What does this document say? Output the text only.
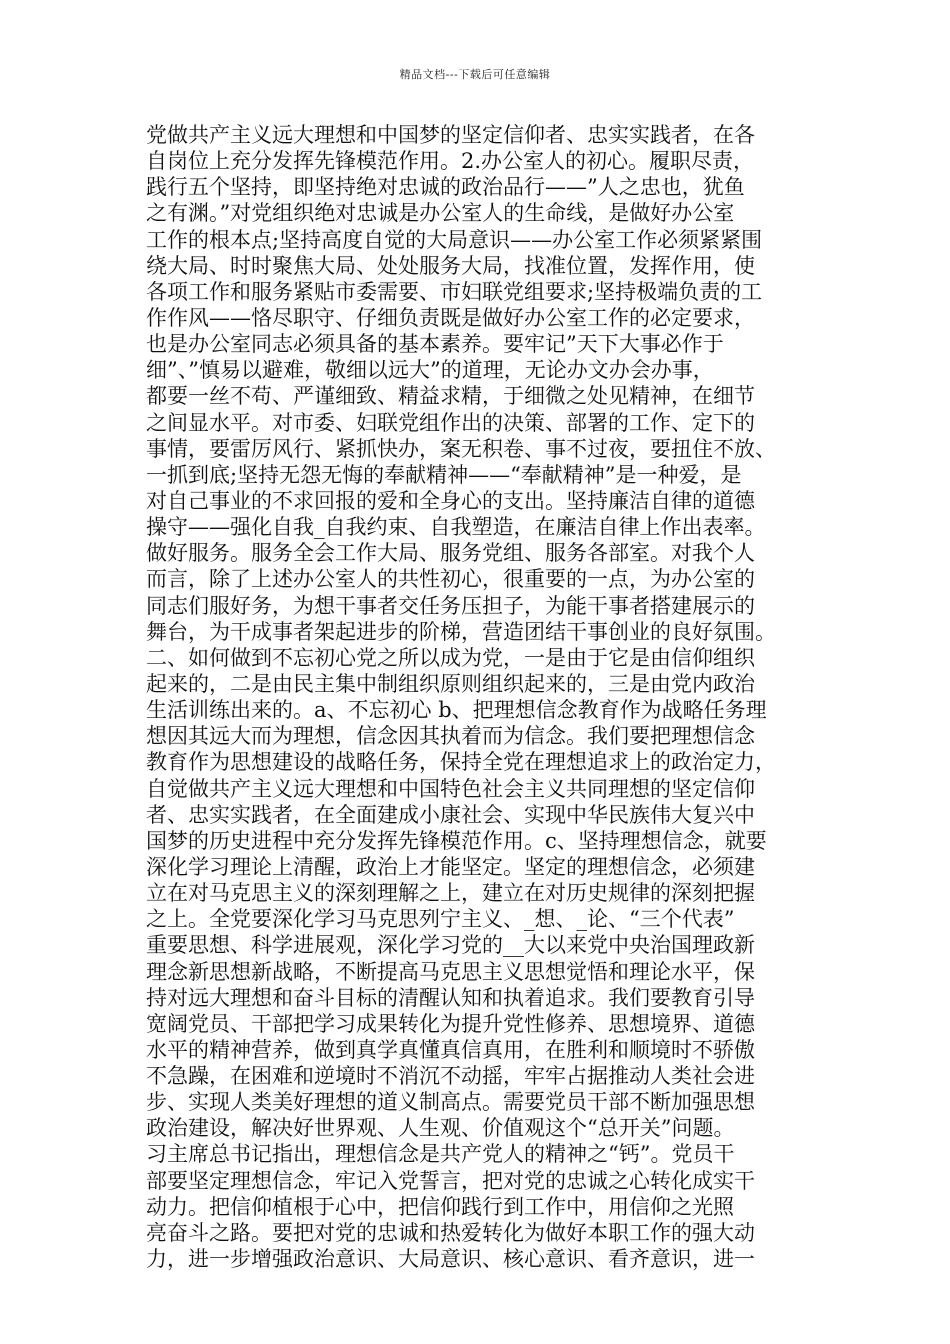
精品文档---下载后可任意编辑
党做共产主义远大理想和中国梦的坚定信仰者、忠实实践者，在各
自岗位上充分发挥先锋模范作用。2.办公室人的初心。履职尽责，
践行五个坚持，即坚持绝对忠诚的政治品行——”人之忠也，犹鱼
之有渊。”对党组织绝对忠诚是办公室人的生命线，是做好办公室
工作的根本点;坚持高度自觉的大局意识——办公室工作必须紧紧围
绕大局、时时聚焦大局、处处服务大局，找准位置，发挥作用，使
各项工作和服务紧贴市委需要、市妇联党组要求;坚持极端负责的工
作作风——恪尽职守、仔细负责既是做好办公室工作的必定要求，
也是办公室同志必须具备的基本素养。要牢记”天下大事必作于
细”、”慎易以避难，敬细以远大”的道理，无论办文办会办事，
都要一丝不苟、严谨细致、精益求精，于细微之处见精神，在细节
之间显水平。对市委、妇联党组作出的决策、部署的工作、定下的
事情，要雷厉风行、紧抓快办，案无积卷、事不过夜，要扭住不放、
一抓到底;坚持无怨无悔的奉献精神——“奉献精神”是一种爱，是
对自己事业的不求回报的爱和全身心的支出。坚持廉洁自律的道德
操守——强化自我_自我约束、自我塑造，在廉洁自律上作出表率。
做好服务。服务全会工作大局、服务党组、服务各部室。对我个人
而言，除了上述办公室人的共性初心，很重要的一点，为办公室的
同志们服好务，为想干事者交任务压担子，为能干事者搭建展示的
舞台，为干成事者架起进步的阶梯，营造团结干事创业的良好氛围。
二、如何做到不忘初心党之所以成为党，一是由于它是由信仰组织
起来的，二是由民主集中制组织原则组织起来的，三是由党内政治
生活训练出来的。a、不忘初心 b、把理想信念教育作为战略任务理
想因其远大而为理想，信念因其执着而为信念。我们要把理想信念
教育作为思想建设的战略任务，保持全党在理想追求上的政治定力，
自觉做共产主义远大理想和中国特色社会主义共同理想的坚定信仰
者、忠实实践者，在全面建成小康社会、实现中华民族伟大复兴中
国梦的历史进程中充分发挥先锋模范作用。c、坚持理想信念，就要
深化学习理论上清醒，政治上才能坚定。坚定的理想信念，必须建
立在对马克思主义的深刻理解之上，建立在对历史规律的深刻把握
之上。全党要深化学习马克思列宁主义、_想、_论、“三个代表”
重要思想、科学进展观，深化学习党的__大以来党中央治国理政新
理念新思想新战略，不断提高马克思主义思想觉悟和理论水平，保
持对远大理想和奋斗目标的清醒认知和执着追求。我们要教育引导
宽阔党员、干部把学习成果转化为提升党性修养、思想境界、道德
水平的精神营养，做到真学真懂真信真用，在胜利和顺境时不骄傲
不急躁，在困难和逆境时不消沉不动摇，牢牢占据推动人类社会进
步、实现人类美好理想的道义制高点。需要党员干部不断加强思想
政治建设，解决好世界观、人生观、价值观这个“总开关”问题。
习主席总书记指出，理想信念是共产党人的精神之“钙”。党员干
部要坚定理想信念，牢记入党誓言，把对党的忠诚之心转化成实干
动力。把信仰植根于心中，把信仰践行到工作中，用信仰之光照
亮奋斗之路。要把对党的忠诚和热爱转化为做好本职工作的强大动
力，进一步增强政治意识、大局意识、核心意识、看齐意识，进一
